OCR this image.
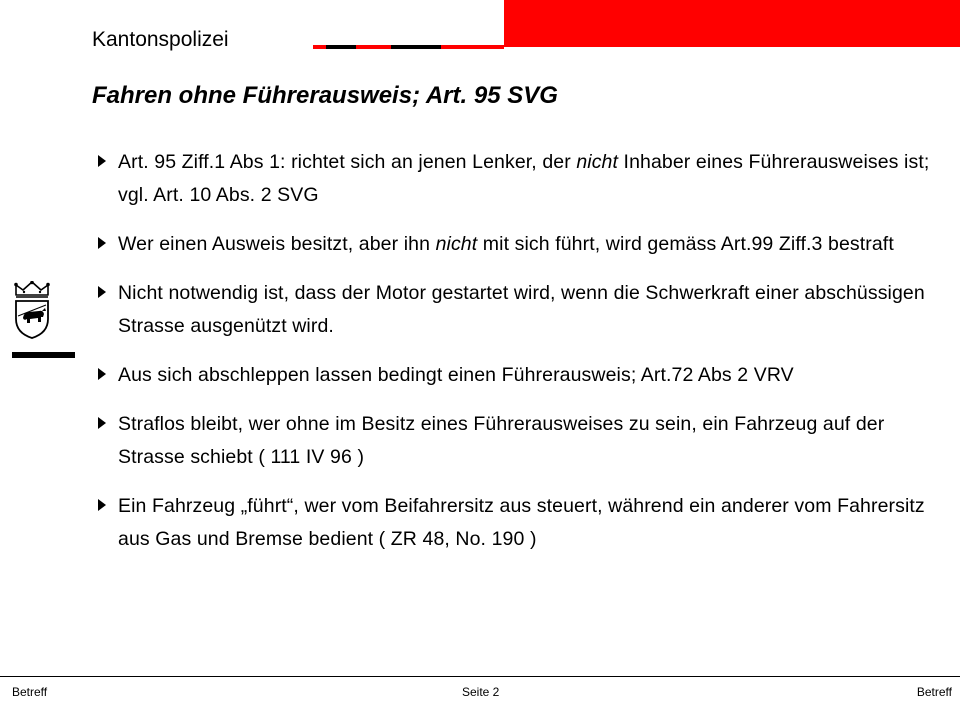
Kantonspolizei
Fahren ohne Führerausweis; Art. 95 SVG
Art. 95 Ziff.1 Abs 1: richtet sich an jenen Lenker, der nicht Inhaber eines Führerausweises ist; vgl. Art. 10 Abs. 2 SVG
Wer einen Ausweis besitzt, aber ihn nicht mit sich führt, wird gemäss Art.99 Ziff.3 bestraft
Nicht notwendig ist, dass der Motor gestartet wird, wenn die Schwerkraft einer abschüssigen Strasse ausgenützt wird.
Aus sich abschleppen lassen bedingt einen Führerausweis; Art.72 Abs 2 VRV
Straflos bleibt, wer ohne im Besitz eines Führerausweises zu sein, ein Fahrzeug auf der Strasse schiebt ( 111 IV 96 )
Ein Fahrzeug „führt“, wer vom Beifahrersitz aus steuert, während ein anderer vom Fahrersitz aus Gas und Bremse bedient ( ZR 48, No. 190 )
Betreff	Seite 2	Betreff
